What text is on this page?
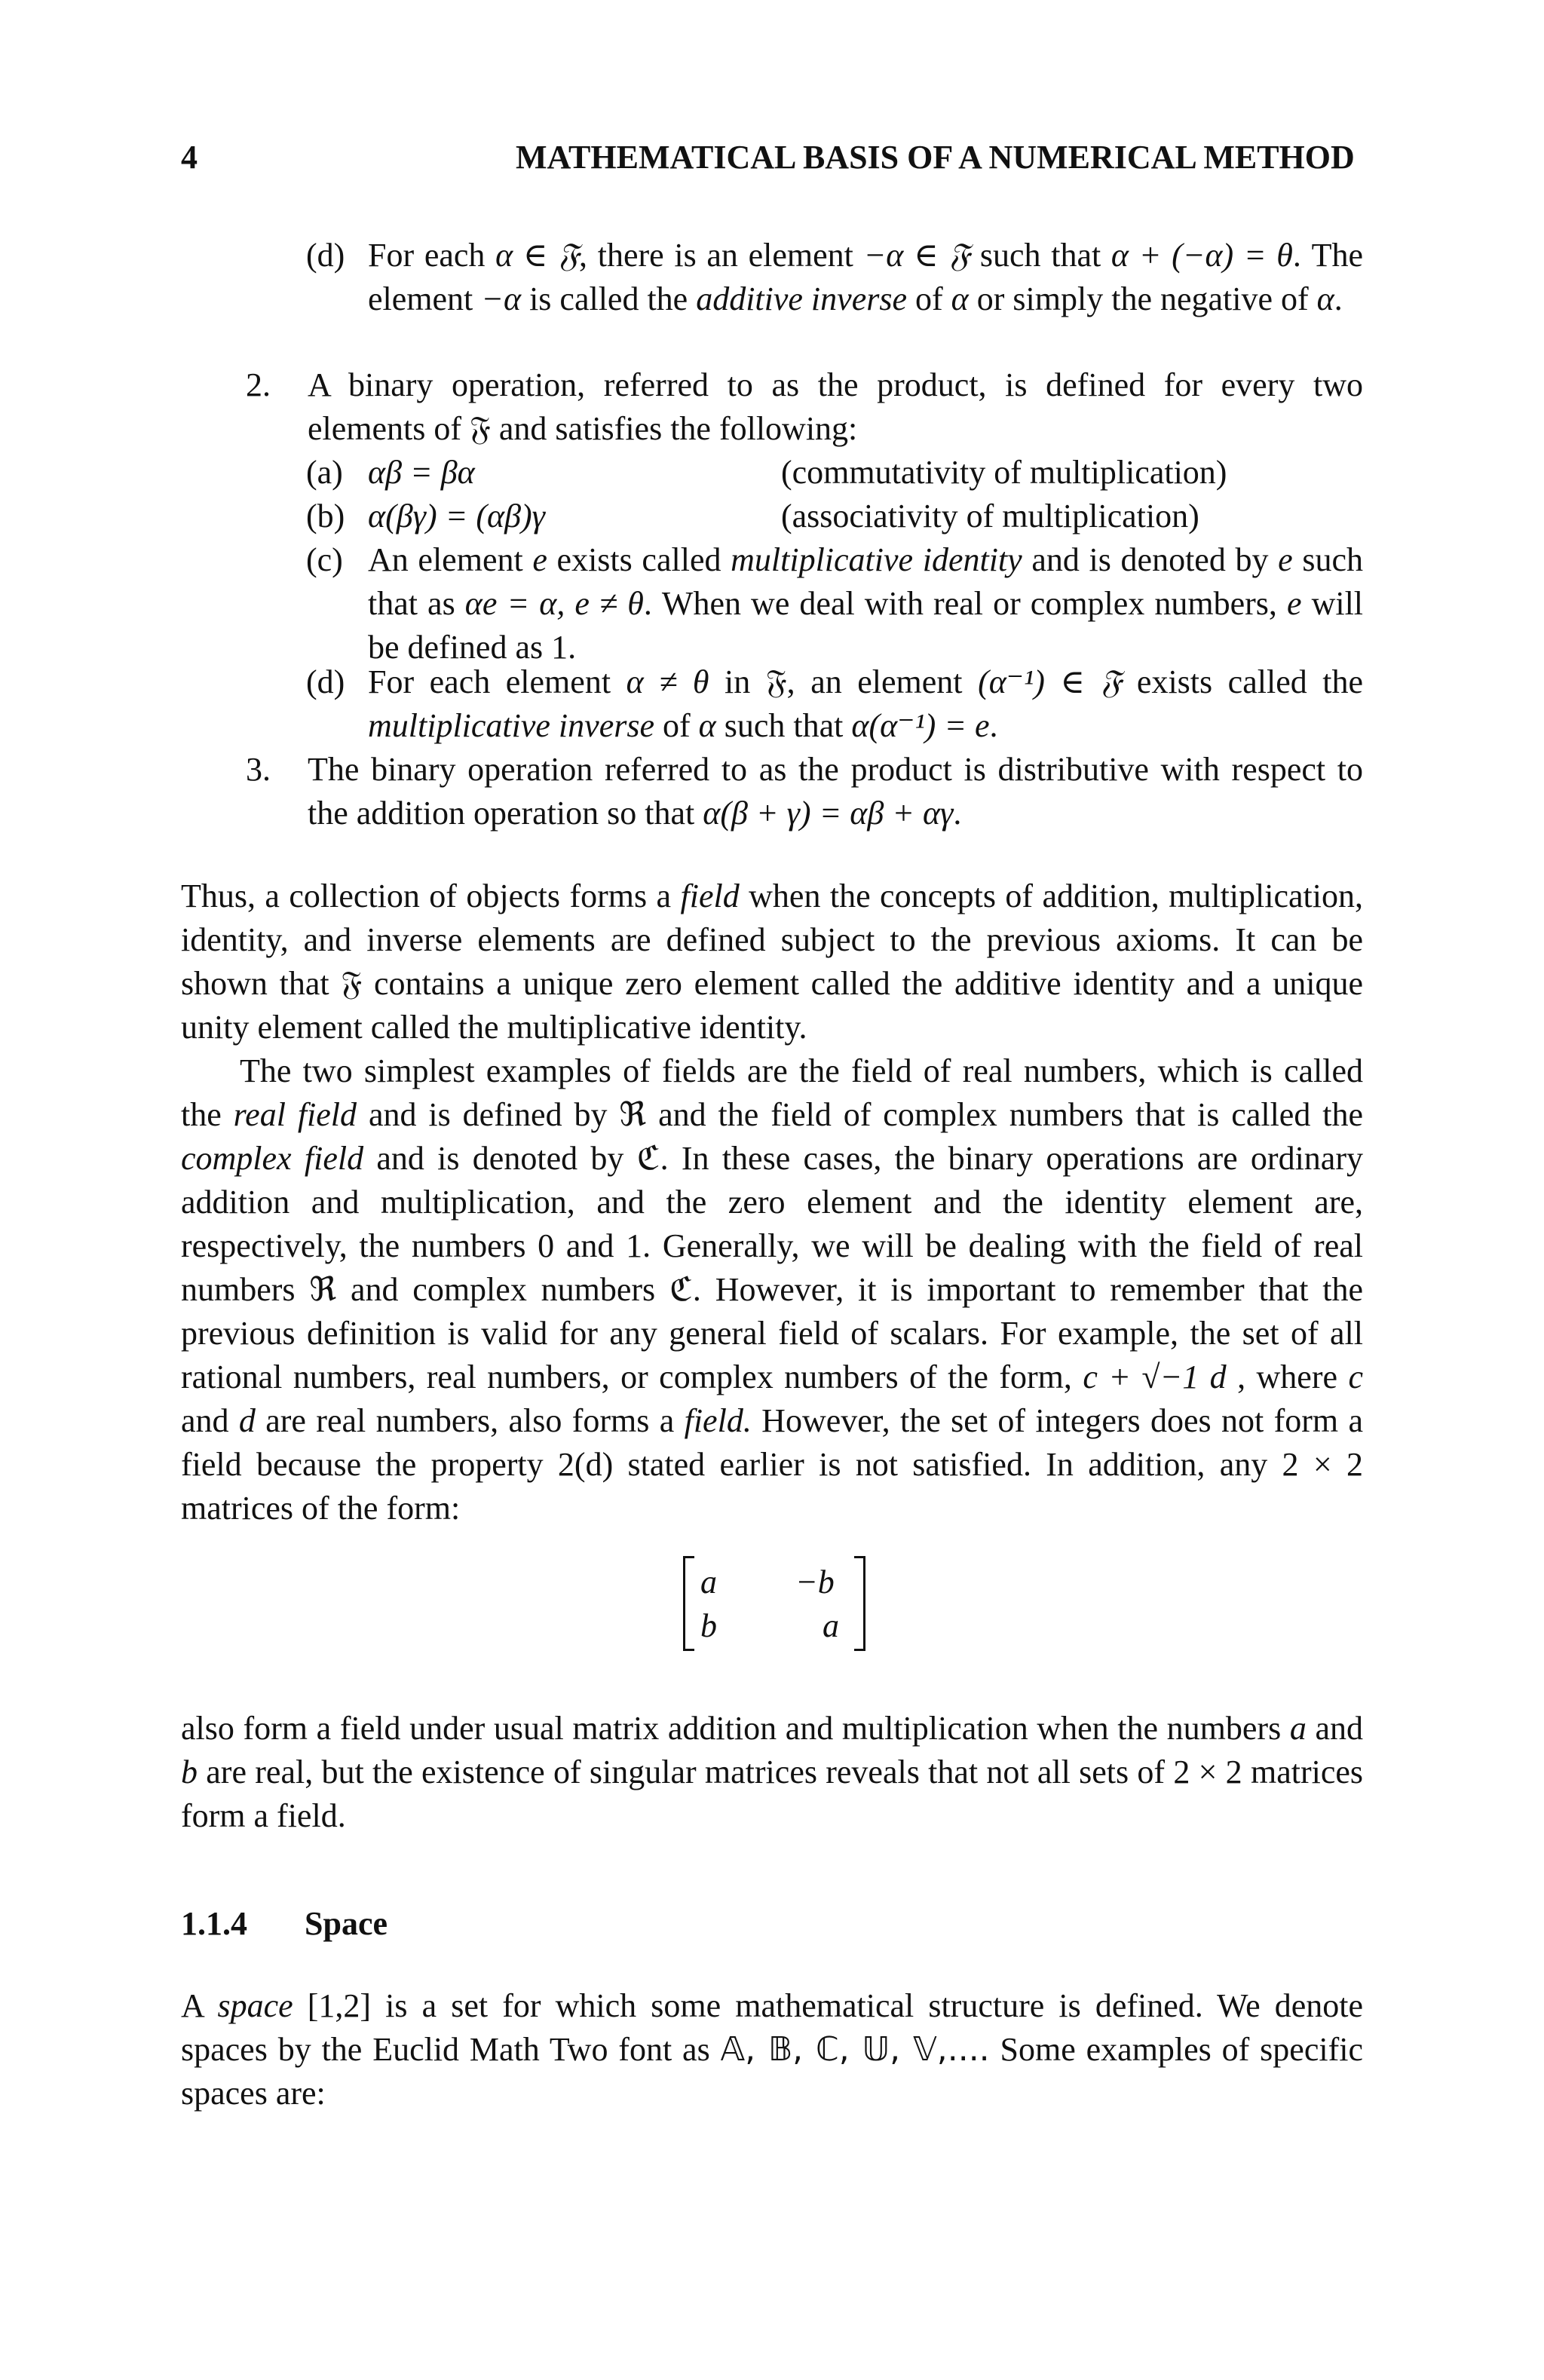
4	MATHEMATICAL BASIS OF A NUMERICAL METHOD
(d) For each α ∈ 𝔉, there is an element −α ∈ 𝔉 such that α + (−α) = θ. The element −α is called the additive inverse of α or simply the negative of α.

2. A binary operation, referred to as the product, is defined for every two elements of 𝔉 and satisfies the following:

(a) αβ = βα	(commutativity of multiplication)
(b) α(βγ) = (αβ)γ	(associativity of multiplication)
(c) An element e exists called multiplicative identity and is denoted by e such that as αe = α, e ≠ θ. When we deal with real or complex numbers, e will be defined as 1.

(d) For each element α ≠ θ in 𝔉, an element (α⁻¹) ∈ 𝔉 exists called the multiplicative inverse of α such that α(α⁻¹) = e.

3. The binary operation referred to as the product is distributive with respect to the addition operation so that α(β + γ) = αβ + αγ.

Thus, a collection of objects forms a field when the concepts of addition, multiplication, identity, and inverse elements are defined subject to the previous axioms. It can be shown that 𝔉 contains a unique zero element called the additive identity and a unique unity element called the multiplicative identity.

The two simplest examples of fields are the field of real numbers, which is called the real field and is defined by ℜ and the field of complex numbers that is called the complex field and is denoted by ℭ. In these cases, the binary operations are ordinary addition and multiplication, and the zero element and the identity element are, respectively, the numbers 0 and 1. Generally, we will be dealing with the field of real numbers ℜ and complex numbers ℭ. However, it is important to remember that the previous definition is valid for any general field of scalars. For example, the set of all rational numbers, real numbers, or complex numbers of the form, c + √−1 d , where c and d are real numbers, also forms a field. However, the set of integers does not form a field because the property 2(d) stated earlier is not satisfied. In addition, any 2 × 2 matrices of the form:

a −b
b	a

also form a field under usual matrix addition and multiplication when the numbers a and b are real, but the existence of singular matrices reveals that not all sets of 2 × 2 matrices form a field.

1.1.4 Space

A space [1,2] is a set for which some mathematical structure is defined. We denote spaces by the Euclid Math Two font as 𝔸, 𝔹, ℂ, 𝕌, 𝕍,.... Some examples of specific spaces are:
